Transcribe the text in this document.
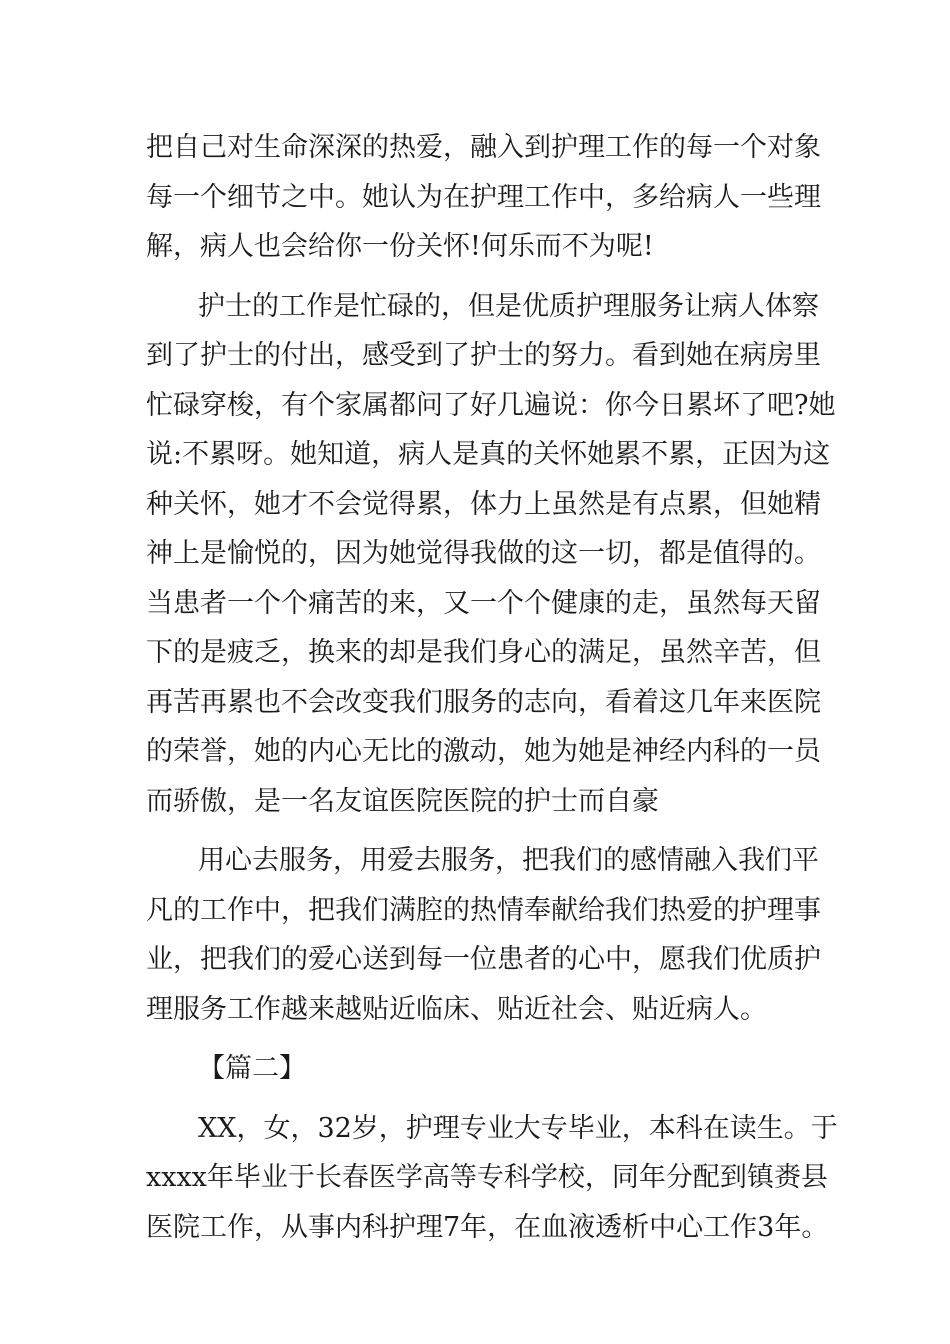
把自己对生命深深的热爱，融入到护理工作的每一个对象
每一个细节之中。她认为在护理工作中，多给病人一些理
解，病人也会给你一份关怀!何乐而不为呢!
护士的工作是忙碌的，但是优质护理服务让病人体察
到了护士的付出，感受到了护士的努力。看到她在病房里
忙碌穿梭，有个家属都问了好几遍说：你今日累坏了吧?她
说:不累呀。她知道，病人是真的关怀她累不累，正因为这
种关怀，她才不会觉得累，体力上虽然是有点累，但她精
神上是愉悦的，因为她觉得我做的这一切，都是值得的。
当患者一个个痛苦的来，又一个个健康的走，虽然每天留
下的是疲乏，换来的却是我们身心的满足，虽然辛苦，但
再苦再累也不会改变我们服务的志向，看着这几年来医院
的荣誉，她的内心无比的激动，她为她是神经内科的一员
而骄傲，是一名友谊医院医院的护士而自豪
用心去服务，用爱去服务，把我们的感情融入我们平
凡的工作中，把我们满腔的热情奉献给我们热爱的护理事
业，把我们的爱心送到每一位患者的心中，愿我们优质护
理服务工作越来越贴近临床、贴近社会、贴近病人。
【篇二】
XX，女，32岁，护理专业大专毕业，本科在读生。于
xxxx年毕业于长春医学高等专科学校，同年分配到镇赉县
医院工作，从事内科护理7年，在血液透析中心工作3年。
